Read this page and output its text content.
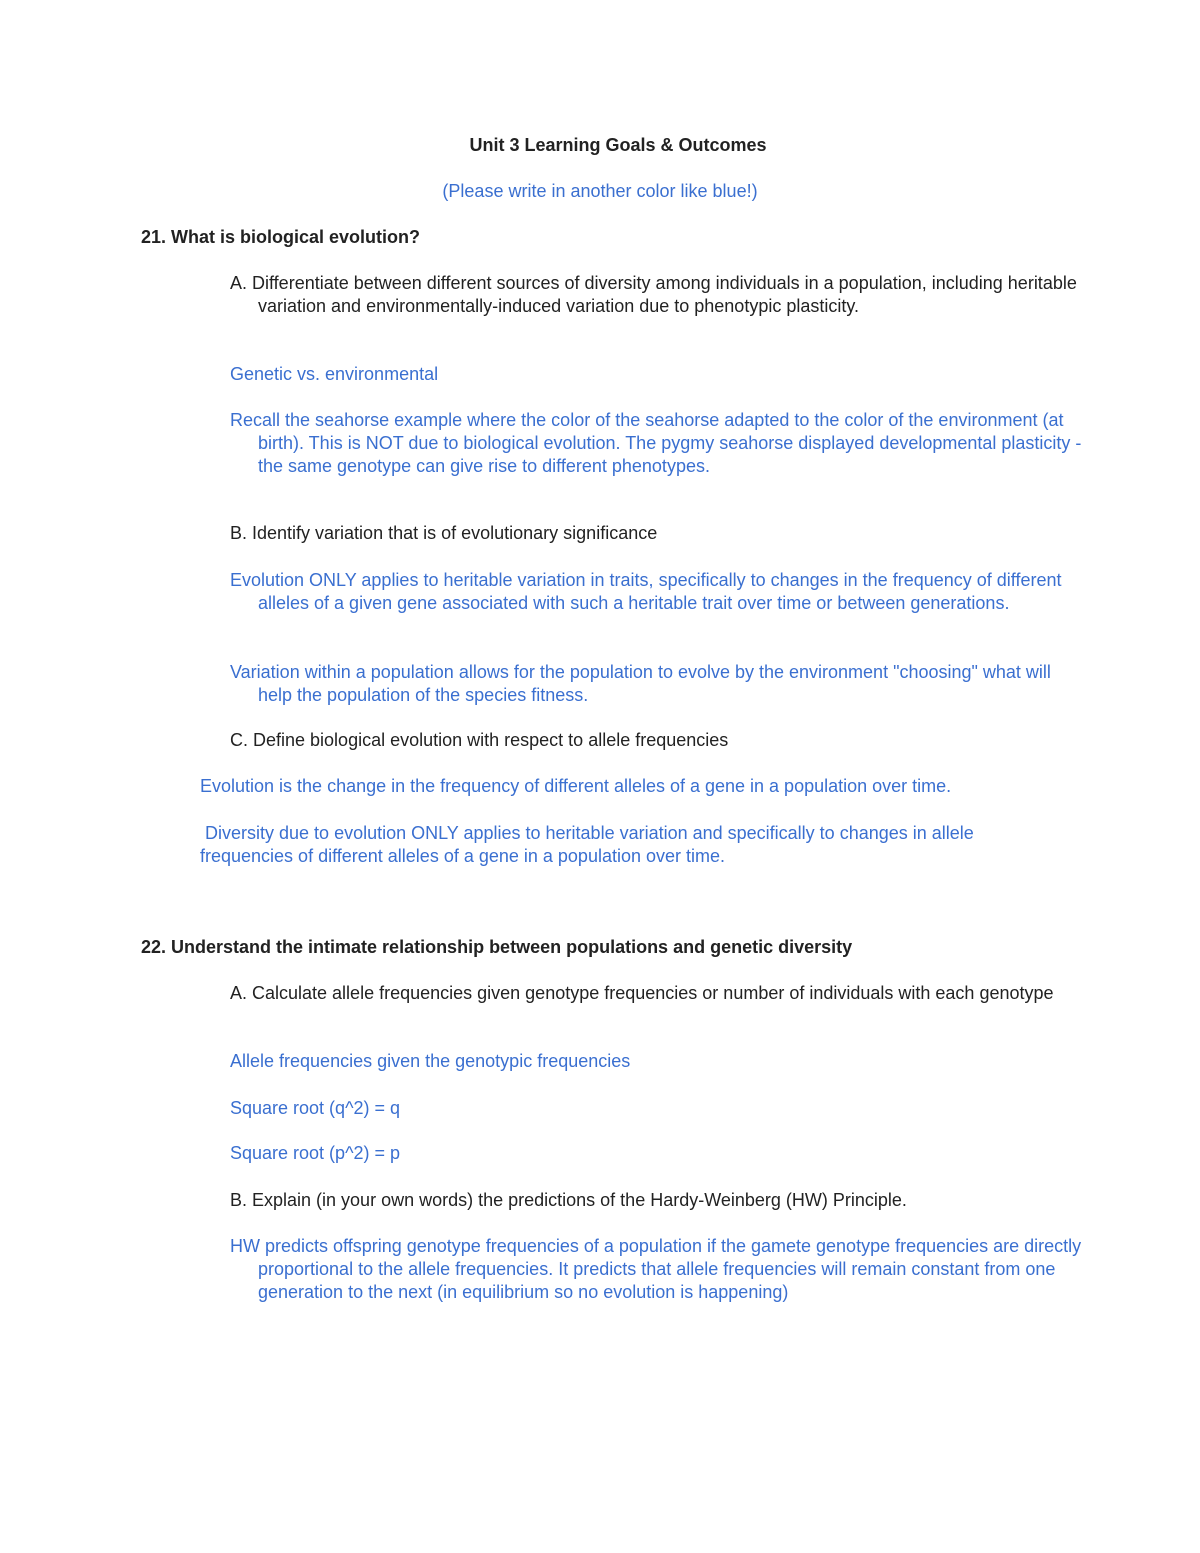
Unit 3 Learning Goals & Outcomes

(Please write in another color like blue!)

21. What is biological evolution?

A. Differentiate between different sources of diversity among individuals in a population, including heritable variation and environmentally-induced variation due to phenotypic plasticity.

Genetic vs. environmental

Recall the seahorse example where the color of the seahorse adapted to the color of the environment (at birth). This is NOT due to biological evolution. The pygmy seahorse displayed developmental plasticity - the same genotype can give rise to different phenotypes.

B. Identify variation that is of evolutionary significance

Evolution ONLY applies to heritable variation in traits, specifically to changes in the frequency of different alleles of a given gene associated with such a heritable trait over time or between generations.

Variation within a population allows for the population to evolve by the environment "choosing" what will help the population of the species fitness.

C. Define biological evolution with respect to allele frequencies

Evolution is the change in the frequency of different alleles of a gene in a population over time.

Diversity due to evolution ONLY applies to heritable variation and specifically to changes in allele frequencies of different alleles of a gene in a population over time.

22. Understand the intimate relationship between populations and genetic diversity

A. Calculate allele frequencies given genotype frequencies or number of individuals with each genotype

Allele frequencies given the genotypic frequencies

Square root (q^2) = q

Square root (p^2) = p

B. Explain (in your own words) the predictions of the Hardy-Weinberg (HW) Principle.

HW predicts offspring genotype frequencies of a population if the gamete genotype frequencies are directly proportional to the allele frequencies. It predicts that allele frequencies will remain constant from one generation to the next (in equilibrium so no evolution is happening)
